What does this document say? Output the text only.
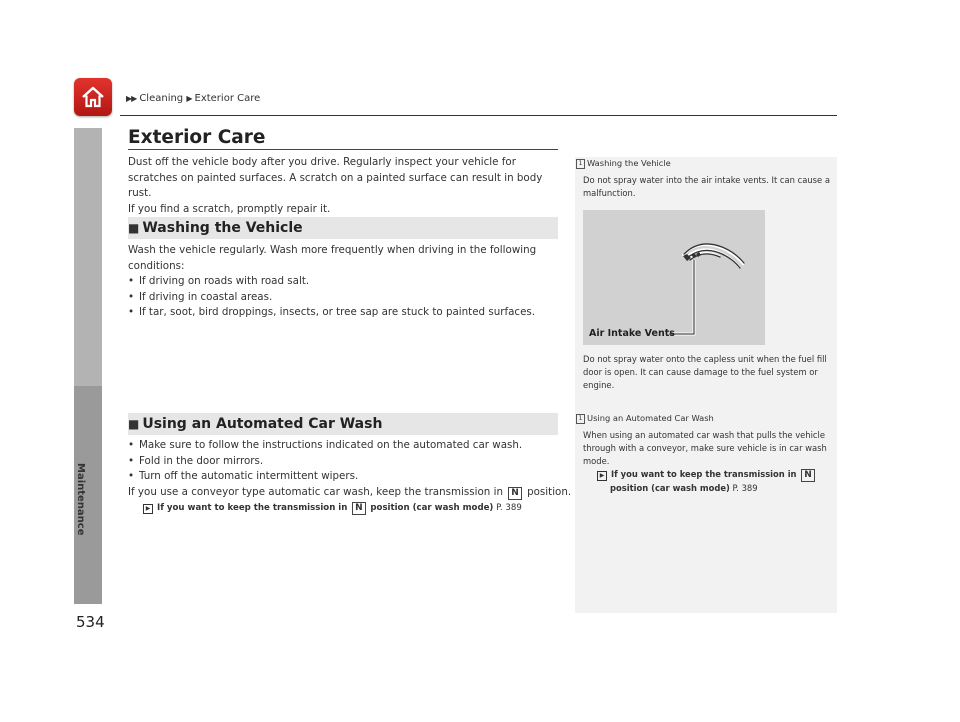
▶▶ Cleaning ▶ Exterior Care
Maintenance
534
Exterior Care
Dust off the vehicle body after you drive. Regularly inspect your vehicle for
scratches on painted surfaces. A scratch on a painted surface can result in body rust.
If you find a scratch, promptly repair it.
■ Washing the Vehicle
Wash the vehicle regularly. Wash more frequently when driving in the following
conditions:
• If driving on roads with road salt.
• If driving in coastal areas.
• If tar, soot, bird droppings, insects, or tree sap are stuck to painted surfaces.
■ Using an Automated Car Wash
• Make sure to follow the instructions indicated on the automated car wash.
• Fold in the door mirrors.
• Turn off the automatic intermittent wipers.
If you use a conveyor type automatic car wash, keep the transmission in N position.
▶ If you want to keep the transmission in N position (car wash mode) P. 389
1 Washing the Vehicle
Do not spray water into the air intake vents. It can cause a malfunction.
Air Intake Vents
Do not spray water onto the capless unit when the fuel fill door is open. It can cause damage to the fuel system or engine.
1 Using an Automated Car Wash
When using an automated car wash that pulls the vehicle through with a conveyor, make sure vehicle is in car wash mode.
▶ If you want to keep the transmission in N
position (car wash mode) P. 389
